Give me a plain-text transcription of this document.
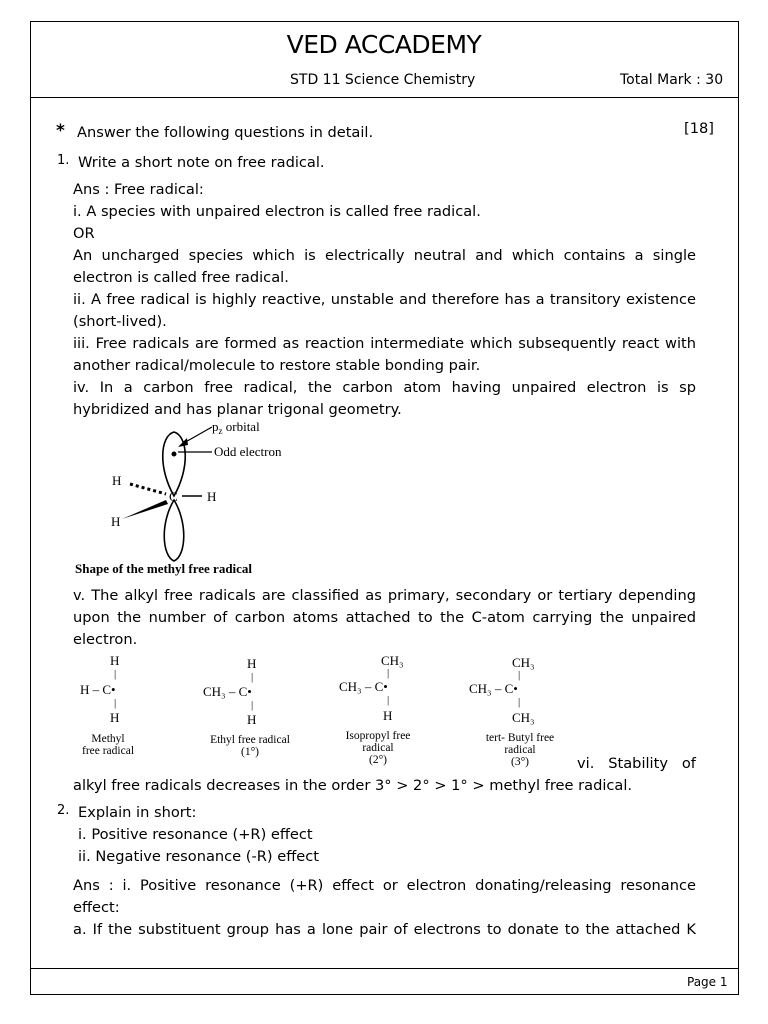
VED ACCADEMY
STD 11 Science Chemistry	Total Mark : 30
* Answer the following questions in detail.	[18]
1. Write a short note on free radical.
Ans : Free radical:
i. A species with unpaired electron is called free radical.
OR
An uncharged species which is electrically neutral and which contains a single
electron is called free radical.
ii. A free radical is highly reactive, unstable and therefore has a transitory existence
(short-lived).
iii. Free radicals are formed as reaction intermediate which subsequently react with
another radical/molecule to restore stable bonding pair.
iv. In a carbon free radical, the carbon atom having unpaired electron is sp
hybridized and has planar trigonal geometry.
$p_z$ orbital
Odd electron
H
C H
H
Shape of the methyl free radical
v. The alkyl free radicals are classified as primary, secondary or tertiary depending
upon the number of carbon atoms attached to the C-atom carrying the unpaired
electron.
H
|
H – C•
|
H
Methyl
free radical
H
|
CH₃ – C•
|
H
Ethyl free radical
(1°)
CH₃
|
CH₃ – C•
|
H
Isopropyl free
radical
(2°)
CH₃
|
CH₃ – C•
|
CH₃
tert- Butyl free
radical
(3°)	vi.   Stability   of
alkyl free radicals decreases in the order 3° > 2° > 1° > methyl free radical.
2. Explain in short:
i. Positive resonance (+R) effect
ii. Negative resonance (-R) effect
Ans : i. Positive resonance (+R) effect or electron donating/releasing resonance
effect:
a. If the substituent group has a lone pair of electrons to donate to the attached K
Page 1
